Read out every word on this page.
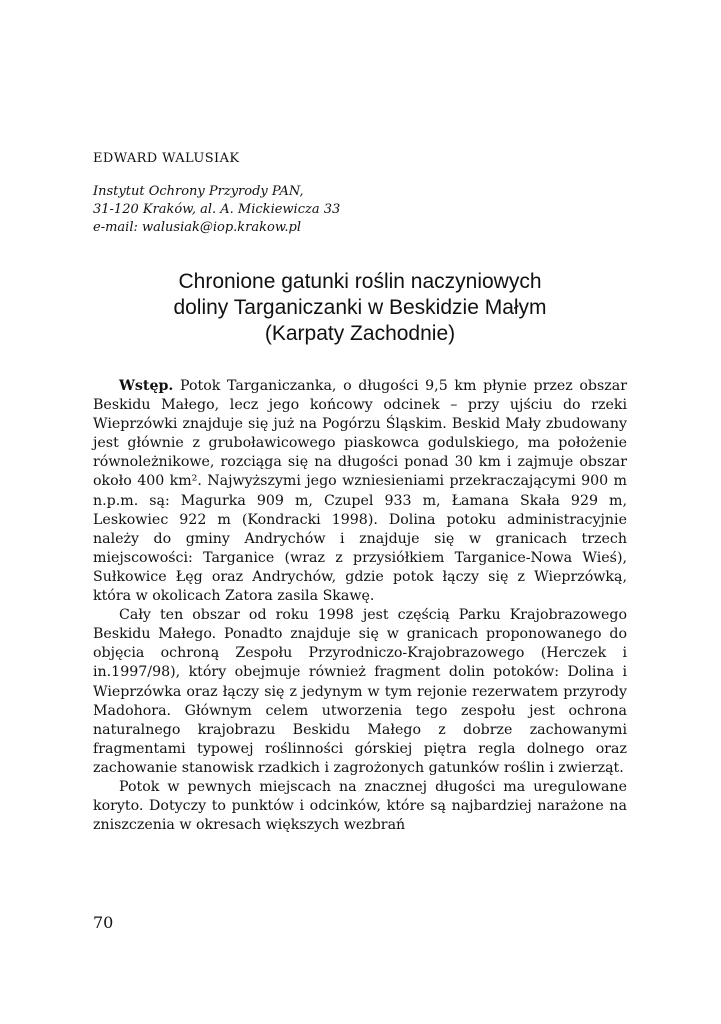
EDWARD WALUSIAK
Instytut Ochrony Przyrody PAN,
31-120 Kraków, al. A. Mickiewicza 33
e-mail: walusiak@iop.krakow.pl
Chronione gatunki roślin naczyniowych
doliny Targaniczanki w Beskidzie Małym
(Karpaty Zachodnie)

Wstęp. Potok Targaniczanka, o długości 9,5 km płynie przez obszar Beskidu Małego, lecz jego końcowy odcinek – przy ujściu do rzeki Wieprzówki znajduje się już na Pogórzu Śląskim. Beskid Mały zbudowany jest głównie z gruboławicowego piaskowca godulskiego, ma położenie równoleżnikowe, rozciąga się na długości ponad 30 km i zajmuje obszar około 400 km². Najwyższymi jego wzniesieniami przekraczającymi 900 m n.p.m. są: Magurka 909 m, Czupel 933 m, Łamana Skała 929 m, Leskowiec 922 m (Kondracki 1998). Dolina potoku administracyjnie należy do gminy Andrychów i znajduje się w granicach trzech miejscowości: Targanice (wraz z przysiółkiem Targanice-Nowa Wieś), Sułkowice Łęg oraz Andrychów, gdzie potok łączy się z Wieprzówką, która w okolicach Zatora zasila Skawę.

Cały ten obszar od roku 1998 jest częścią Parku Krajobrazowego Beskidu Małego. Ponadto znajduje się w granicach proponowanego do objęcia ochroną Zespołu Przyrodniczo-Krajobrazowego (Herczek i in.1997/98), który obejmuje również fragment dolin potoków: Dolina i Wieprzówka oraz łączy się z jedynym w tym rejonie rezerwatem przyrody Madohora. Głównym celem utworzenia tego zespołu jest ochrona naturalnego krajobrazu Beskidu Małego z dobrze zachowanymi fragmentami typowej roślinności górskiej piętra regla dolnego oraz zachowanie stanowisk rzadkich i zagrożonych gatunków roślin i zwierząt.

Potok w pewnych miejscach na znacznej długości ma uregulowane koryto. Dotyczy to punktów i odcinków, które są najbardziej narażone na zniszczenia w okresach większych wezbrań

70
